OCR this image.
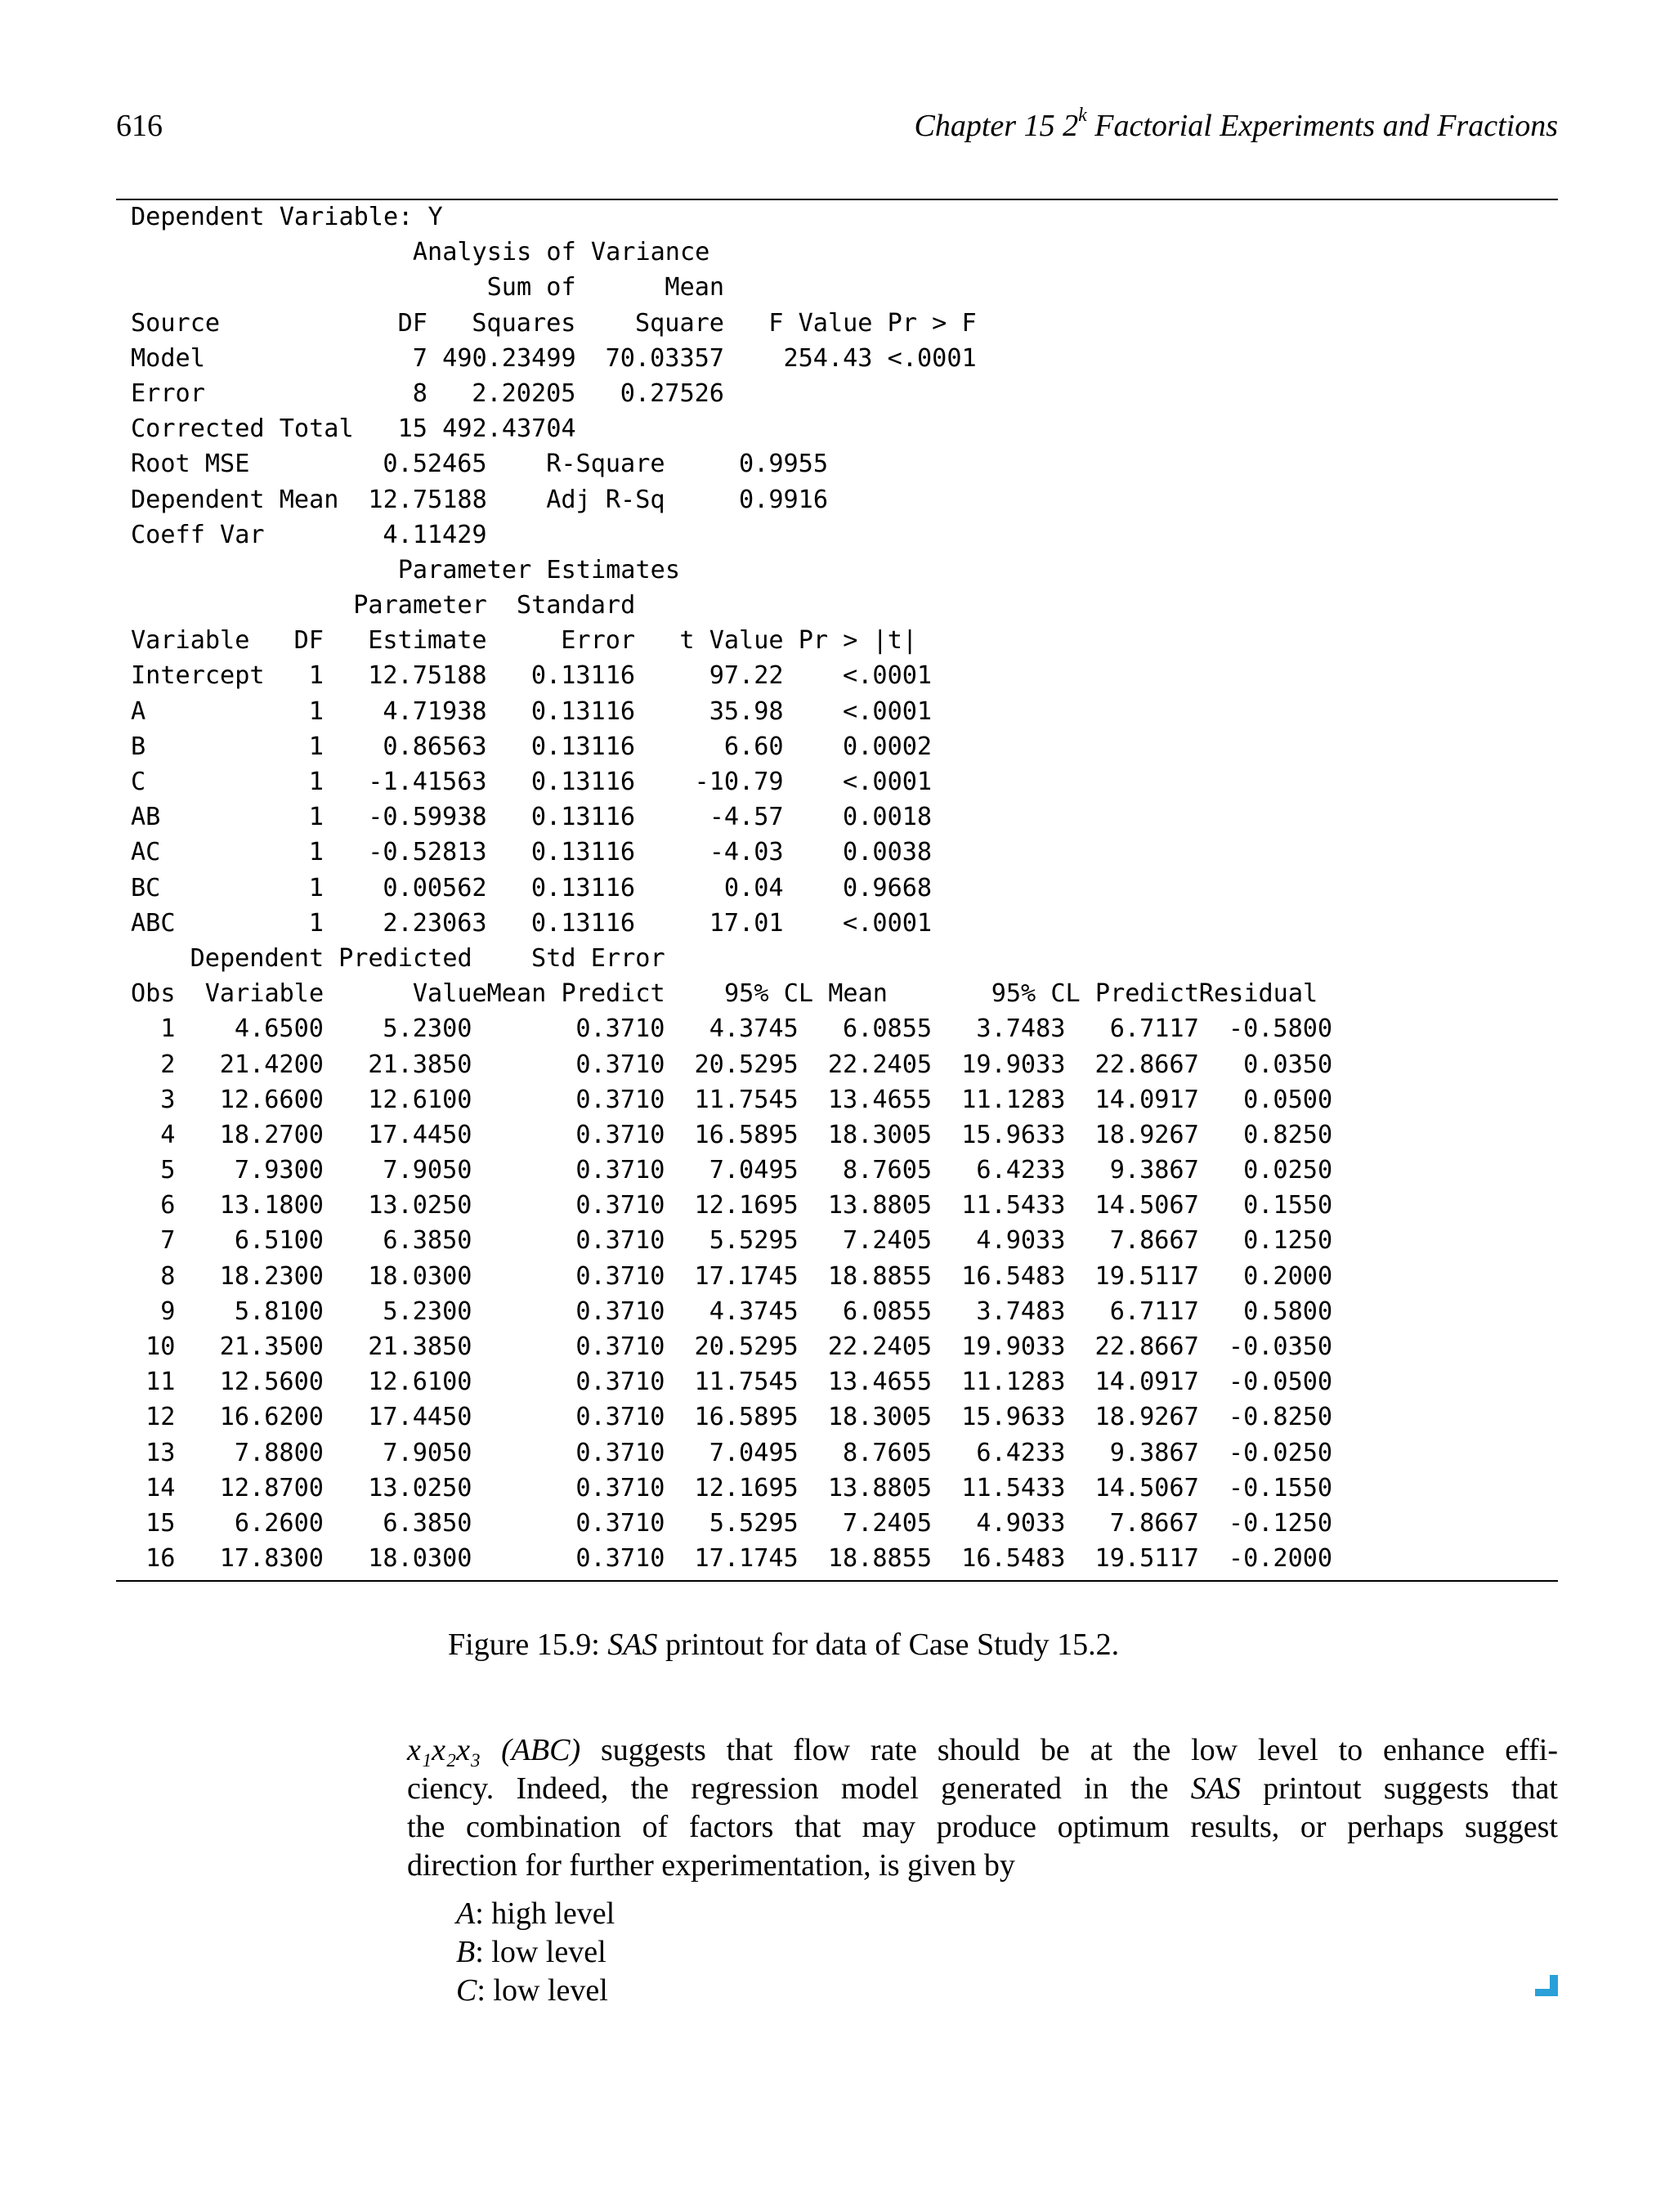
616	Chapter 15 2$^k$ Factorial Experiments and Fractions
Dependent Variable: Y
Analysis of Variance
Sum of	Mean
Source	DF	Squares	Square	F Value Pr > F
Model	7 490.23499	70.03357	254.43 <.0001
Error	8	2.20205	0.27526
Corrected Total	15 492.43704
Root MSE	0.52465 R-Square	0.9955
Dependent Mean	12.75188 Adj R-Sq	0.9916
Coeff Var	4.11429
Parameter Estimates
Parameter Standard
Variable	DF	Estimate	Error	t Value Pr > |t|
Intercept	1	12.75188	0.13116	97.22	<.0001
A	1	4.71938	0.13116	35.98	<.0001
B	1	0.86563	0.13116	6.60	0.0002
C	1	-1.41563	0.13116	-10.79	<.0001
AB	1	-0.59938	0.13116	-4.57	0.0018
AC	1	-0.52813	0.13116	-4.03	0.0038
BC	1	0.00562	0.13116	0.04	0.9668
ABC	1	2.23063	0.13116	17.01	<.0001
Dependent Predicted Std Error
Obs Variable	Value Mean Predict 95% CL Mean	95% CL Predict Residual
1	4.6500	5.2300	0.3710	4.3745	6.0855	3.7483	6.7117	-0.5800
2	21.4200	21.3850	0.3710	20.5295	22.2405	19.9033	22.8667	0.0350
3	12.6600	12.6100	0.3710	11.7545	13.4655	11.1283	14.0917	0.0500
4	18.2700	17.4450	0.3710	16.5895	18.3005	15.9633	18.9267	0.8250
5	7.9300	7.9050	0.3710	7.0495	8.7605	6.4233	9.3867	0.0250
6	13.1800	13.0250	0.3710	12.1695	13.8805	11.5433	14.5067	0.1550
7	6.5100	6.3850	0.3710	5.5295	7.2405	4.9033	7.8667	0.1250
8	18.2300	18.0300	0.3710	17.1745	18.8855	16.5483	19.5117	0.2000
9	5.8100	5.2300	0.3710	4.3745	6.0855	3.7483	6.7117	0.5800
10	21.3500	21.3850	0.3710	20.5295	22.2405	19.9033	22.8667	-0.0350
11	12.5600	12.6100	0.3710	11.7545	13.4655	11.1283	14.0917	-0.0500
12	16.6200	17.4450	0.3710	16.5895	18.3005	15.9633	18.9267	-0.8250
13	7.8800	7.9050	0.3710	7.0495	8.7605	6.4233	9.3867	-0.0250
14	12.8700	13.0250	0.3710	12.1695	13.8805	11.5433	14.5067	-0.1550
15	6.2600	6.3850	0.3710	5.5295	7.2405	4.9033	7.8667	-0.1250
16	17.8300	18.0300	0.3710	17.1745	18.8855	16.5483	19.5117	-0.2000
Figure 15.9: SAS printout for data of Case Study 15.2.
x₁x₂x₃ (ABC) suggests that flow rate should be at the low level to enhance effi-
ciency. Indeed, the regression model generated in the SAS printout suggests that
the combination of factors that may produce optimum results, or perhaps suggest
direction for further experimentation, is given by
A: high level
B: low level
C: low level
